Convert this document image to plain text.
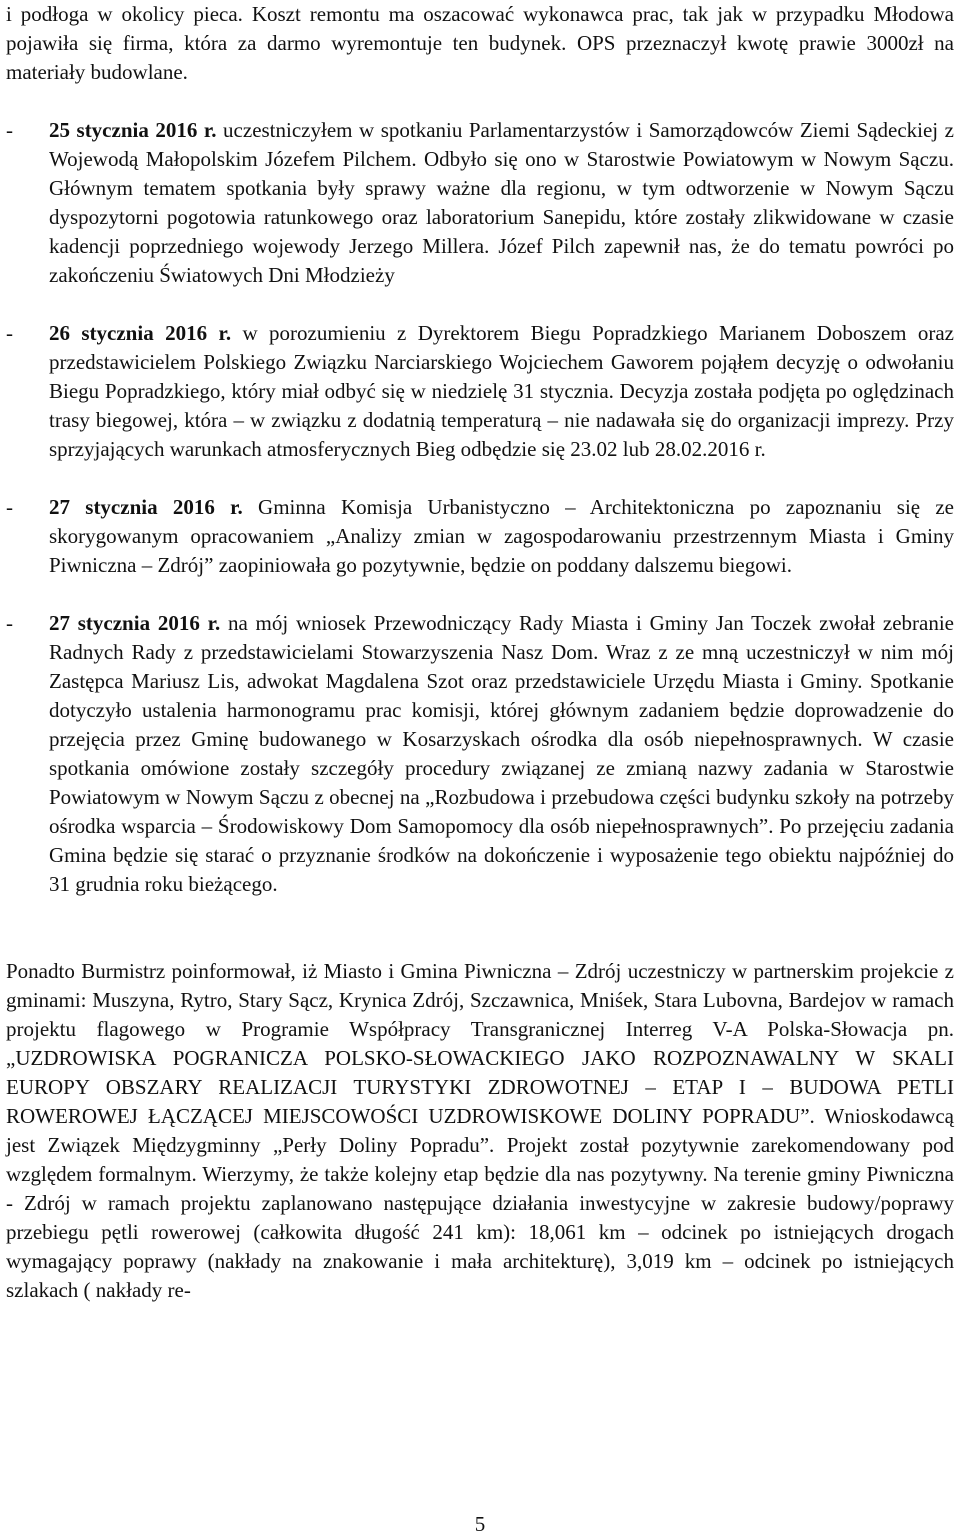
i podłoga w okolicy pieca. Koszt remontu ma oszacować wykonawca prac, tak jak w przypadku Młodowa pojawiła się firma, która za darmo wyremontuje ten budynek. OPS przeznaczył kwotę prawie 3000zł na materiały budowlane.
-	25 stycznia 2016 r. uczestniczyłem w spotkaniu Parlamentarzystów i Samorządowców Ziemi Sądeckiej z Wojewodą Małopolskim Józefem Pilchem. Odbyło się ono w Starostwie Powiatowym w Nowym Sączu. Głównym tematem spotkania były sprawy ważne dla regionu, w tym odtworzenie w Nowym Sączu dyspozytorni pogotowia ratunkowego oraz laboratorium Sanepidu, które zostały zlikwidowane w czasie kadencji poprzedniego wojewody Jerzego Millera. Józef Pilch zapewnił nas, że do tematu powróci po zakończeniu Światowych Dni Młodzieży
-	26 stycznia 2016 r. w porozumieniu z Dyrektorem Biegu Popradzkiego Marianem Doboszem oraz przedstawicielem Polskiego Związku Narciarskiego Wojciechem Gaworem pojąłem decyzję o odwołaniu Biegu Popradzkiego, który miał odbyć się w niedzielę 31 stycznia. Decyzja została podjęta po oględzinach trasy biegowej, która – w związku z dodatnią temperaturą – nie nadawała się do organizacji imprezy. Przy sprzyjających warunkach atmosferycznych Bieg odbędzie się 23.02 lub 28.02.2016 r.
-	27 stycznia 2016 r. Gminna Komisja Urbanistyczno – Architektoniczna po zapoznaniu się ze skorygowanym opracowaniem „Analizy zmian w zagospodarowaniu przestrzennym Miasta i Gminy Piwniczna – Zdrój” zaopiniowała go pozytywnie, będzie on poddany dalszemu biegowi.
-	27 stycznia 2016 r. na mój wniosek Przewodniczący Rady Miasta i Gminy Jan Toczek zwołał zebranie Radnych Rady z przedstawicielami Stowarzyszenia Nasz Dom. Wraz z ze mną uczestniczył w nim mój Zastępca Mariusz Lis, adwokat Magdalena Szot oraz przedstawiciele Urzędu Miasta i Gminy. Spotkanie dotyczyło ustalenia harmonogramu prac komisji, której głównym zadaniem będzie doprowadzenie do przejęcia przez Gminę budowanego w Kosarzyskach ośrodka dla osób niepełnosprawnych. W czasie spotkania omówione zostały szczegóły procedury związanej ze zmianą nazwy zadania w Starostwie Powiatowym w Nowym Sączu z obecnej na „Rozbudowa i przebudowa części budynku szkoły na potrzeby ośrodka wsparcia – Środowiskowy Dom Samopomocy dla osób niepełnosprawnych”. Po przejęciu zadania Gmina będzie się starać o przyznanie środków na dokończenie i wyposażenie tego obiektu najpóźniej do 31 grudnia roku bieżącego.
Ponadto Burmistrz poinformował, iż Miasto i Gmina Piwniczna – Zdrój uczestniczy w partnerskim projekcie z gminami: Muszyna, Rytro, Stary Sącz, Krynica Zdrój, Szczawnica, Mniśek, Stara Lubovna, Bardejov w ramach projektu flagowego w Programie Współpracy Transgranicznej Interreg V-A Polska-Słowacja pn. „UZDROWISKA POGRANICZA POLSKO-SŁOWACKIEGO JAKO ROZPOZNAWALNY W SKALI EUROPY OBSZARY REALIZACJI TURYSTYKI ZDROWOTNEJ – ETAP I – BUDOWA PETLI ROWEROWEJ ŁĄCZĄCEJ MIEJSCOWOŚCI UZDROWISKOWE DOLINY POPRADU”. Wnioskodawcą jest Związek Międzygminny „Perły Doliny Popradu”. Projekt został pozytywnie zarekomendowany pod względem formalnym. Wierzymy, że także kolejny etap będzie dla nas pozytywny. Na terenie gminy Piwniczna - Zdrój w ramach projektu zaplanowano następujące działania inwestycyjne w zakresie budowy/poprawy przebiegu pętli rowerowej (całkowita długość 241 km): 18,061 km – odcinek po istniejących drogach wymagający poprawy (nakłady na znakowanie i mała architekturę), 3,019 km – odcinek po istniejących szlakach ( nakłady re-
5
